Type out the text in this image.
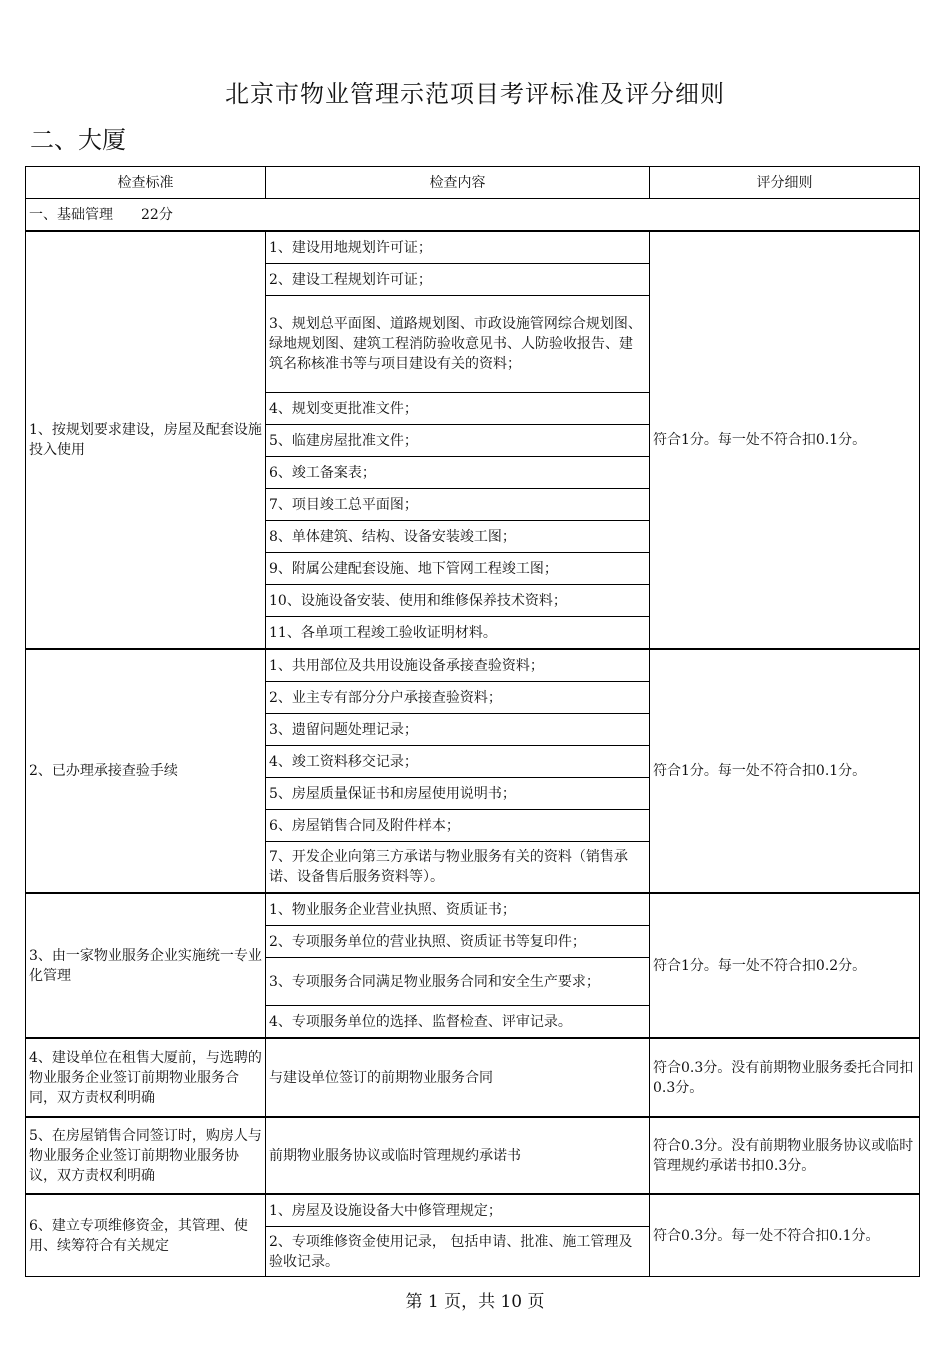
北京市物业管理示范项目考评标准及评分细则
二、大厦
检查标准	检查内容	评分细则
一、基础管理　　22分		
1、按规划要求建设，房屋及配套设施投入使用	1、建设用地规划许可证；	符合1分。每一处不符合扣0.1分。
	2、建设工程规划许可证；	
	3、规划总平面图、道路规划图、市政设施管网综合规划图、绿地规划图、建筑工程消防验收意见书、人防验收报告、建筑名称核准书等与项目建设有关的资料；	
	4、规划变更批准文件；	
	5、临建房屋批准文件；	
	6、竣工备案表；	
	7、项目竣工总平面图；	
	8、单体建筑、结构、设备安装竣工图；	
	9、附属公建配套设施、地下管网工程竣工图；	
	10、设施设备安装、使用和维修保养技术资料；	
	11、各单项工程竣工验收证明材料。	
2、已办理承接查验手续	1、共用部位及共用设施设备承接查验资料；	符合1分。每一处不符合扣0.1分。
	2、业主专有部分分户承接查验资料；	
	3、遗留问题处理记录；	
	4、竣工资料移交记录；	
	5、房屋质量保证书和房屋使用说明书；	
	6、房屋销售合同及附件样本；	
	7、开发企业向第三方承诺与物业服务有关的资料（销售承诺、设备售后服务资料等）。	
3、由一家物业服务企业实施统一专业化管理	1、物业服务企业营业执照、资质证书；	符合1分。每一处不符合扣0.2分。
	2、专项服务单位的营业执照、资质证书等复印件；	
	3、专项服务合同满足物业服务合同和安全生产要求；	
	4、专项服务单位的选择、监督检查、评审记录。	
4、建设单位在租售大厦前，与选聘的物业服务企业签订前期物业服务合同，双方责权利明确	与建设单位签订的前期物业服务合同	符合0.3分。没有前期物业服务委托合同扣0.3分。
5、在房屋销售合同签订时，购房人与物业服务企业签订前期物业服务协议，双方责权利明确	前期物业服务协议或临时管理规约承诺书	符合0.3分。没有前期物业服务协议或临时管理规约承诺书扣0.3分。
6、建立专项维修资金，其管理、使用、续筹符合有关规定	1、房屋及设施设备大中修管理规定；	符合0.3分。每一处不符合扣0.1分。
	2、专项维修资金使用记录， 包括申请、批准、施工管理及验收记录。	
第 1 页，共 10 页
